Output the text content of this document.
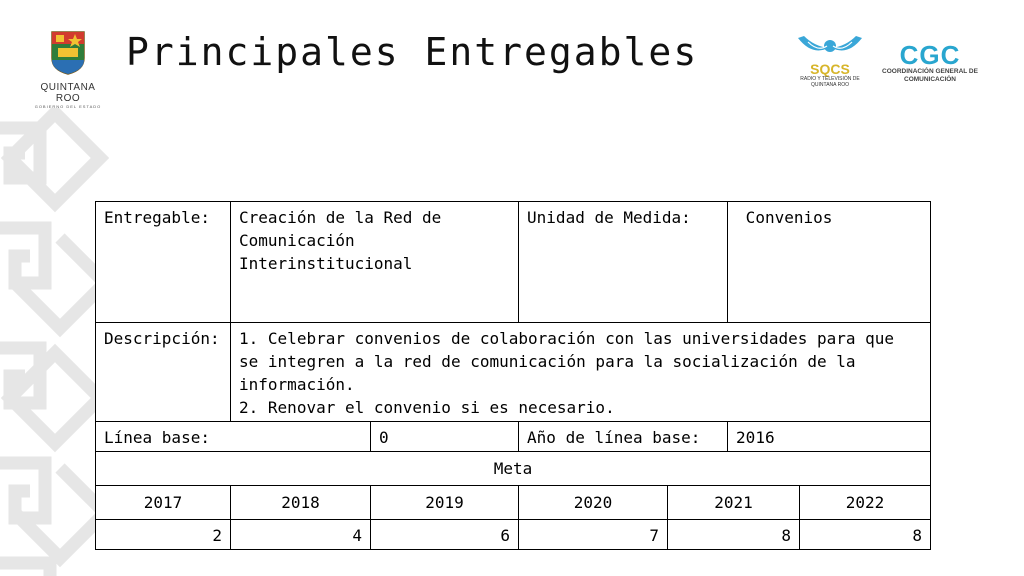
QUINTANA ROO
GOBIERNO DEL ESTADO
Principales Entregables	SQCS
RADIO Y TELEVISIÓN DE QUINTANA ROO
CGC
COORDINACIÓN GENERAL DE COMUNICACIÓN
Entregable:	Creación de la Red de Comunicación Interinstitucional		Unidad de Medida:		Convenios	
Descripción:	1. Celebrar convenios de colaboración con las universidades para que se integren a la red de comunicación para la socialización de la información.
2. Renovar el convenio si es necesario.					

Línea base:		0	Año de línea base:		2016	
Meta						
2017	2018	2019	2020	2021		2022
2	4	6	7	8		8
